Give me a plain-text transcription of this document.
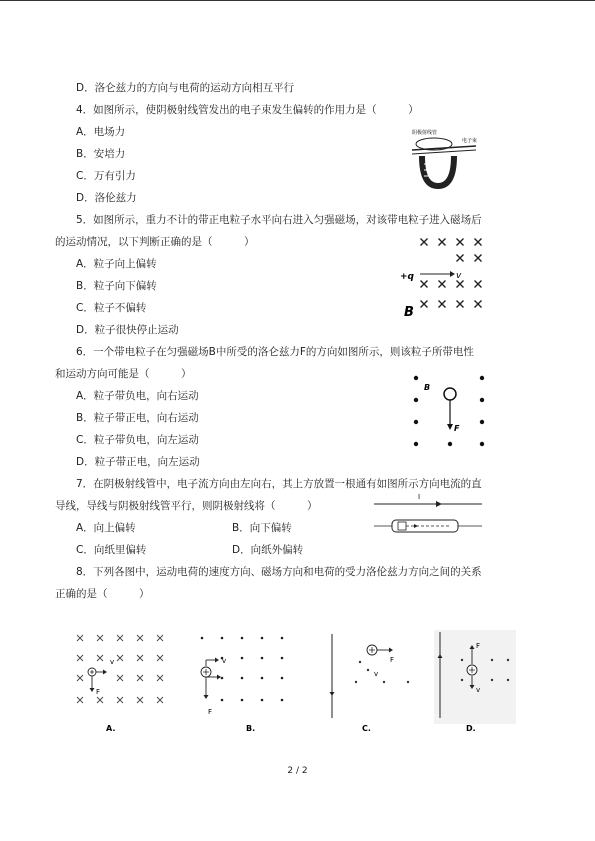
D．洛仑兹力的方向与电荷的运动方向相互平行
4．如图所示，使阴极射线管发出的电子束发生偏转的作用力是（　　　）
A．电场力
B．安培力
C．万有引力
D．洛伦兹力
阴极射线管
电子束
5．如图所示，重力不计的带正电粒子水平向右进入匀强磁场，对该带电粒子进入磁场后
的运动情况，以下判断正确的是（　　　）
A．粒子向上偏转
B．粒子向下偏转
C．粒子不偏转
D．粒子很快停止运动
+q	v
B
6．一个带电粒子在匀强磁场B中所受的洛仑兹力F的方向如图所示，则该粒子所带电性
和运动方向可能是（　　　）
A．粒子带负电，向右运动
B．粒子带正电，向右运动
C．粒子带负电，向左运动
D．粒子带正电，向左运动
B
F
7．在阴极射线管中，电子流方向由左向右，其上方放置一根通有如图所示方向电流的直
导线，导线与阴极射线管平行，则阴极射线将（　　　）
A．向上偏转	B．向下偏转
C．向纸里偏转	D．向纸外偏转
I
8．下列各图中，运动电荷的速度方向、磁场方向和电荷的受力洛伦兹力方向之间的关系
正确的是（　　　）
v
F
A.
v
F
B.
F
v
C.
F
v
D.
2 / 2
